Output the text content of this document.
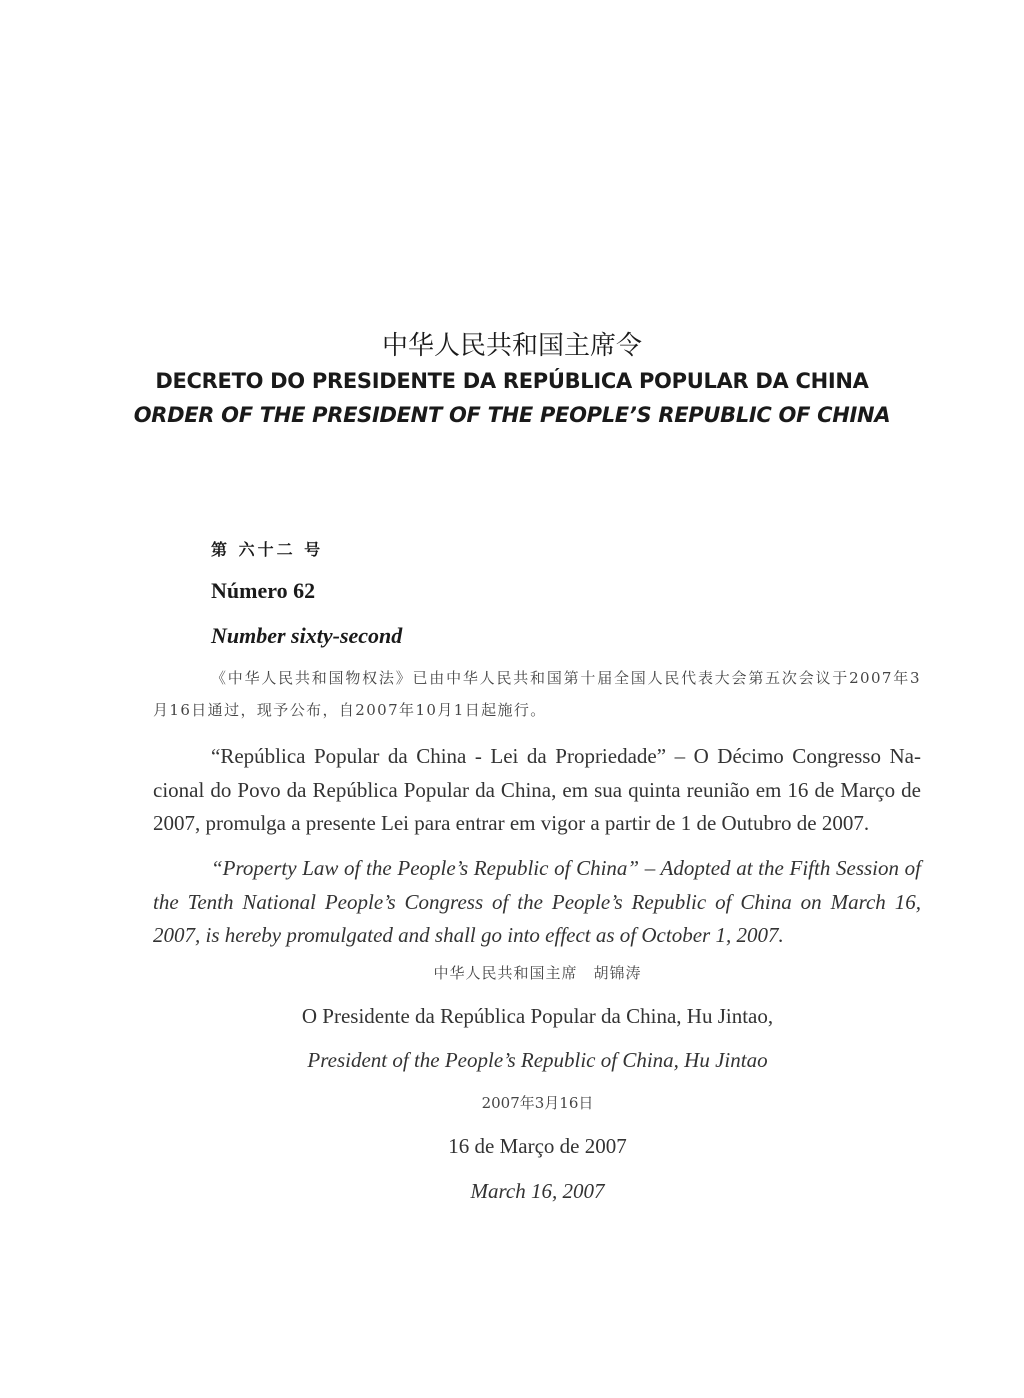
中华人民共和国主席令

DECRETO DO PRESIDENTE DA REPÚBLICA POPULAR DA CHINA

ORDER OF THE PRESIDENT OF THE PEOPLE’S REPUBLIC OF CHINA

第 六十二 号
Número 62
Number sixty-second

《中华人民共和国物权法》已由中华人民共和国第十届全国人民代表大会第五次会议于2007年3月16日通过，现予公布，自2007年10月1日起施行。

“República Popular da China - Lei da Propriedade” – O Décimo Congresso Nacional do Povo da República Popular da China, em sua quinta reunião em 16 de Março de 2007, promulga a presente Lei para entrar em vigor a partir de 1 de Outubro de 2007.

“Property Law of the People’s Republic of China” – Adopted at the Fifth Session of the Tenth National People’s Congress of the People’s Republic of China on March 16, 2007, is hereby promulgated and shall go into effect as of October 1, 2007.

中华人民共和国主席　胡锦涛

O Presidente da República Popular da China, Hu Jintao,

President of the People’s Republic of China, Hu Jintao

2007年3月16日

16 de Março de 2007

March 16, 2007
